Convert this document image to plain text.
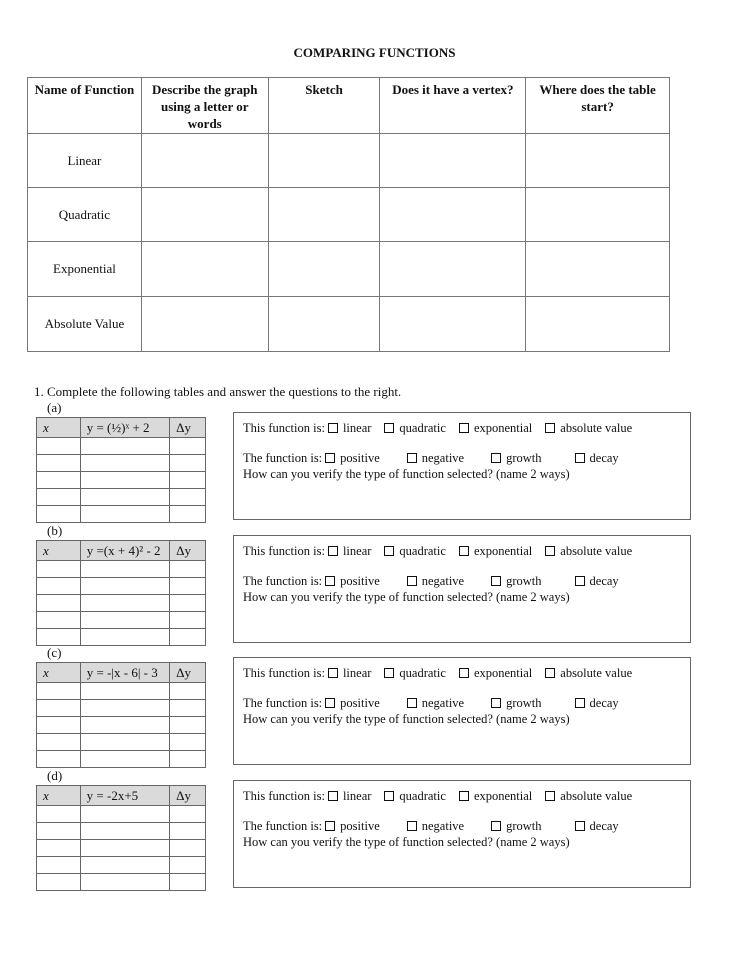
COMPARING FUNCTIONS
Name of Function	Describe the graph using a letter or words	Sketch	Does it have a vertex?	Where does the table start?
Linear				
Quadratic				
Exponential				
Absolute Value				
1. Complete the following tables and answer the questions to the right.
(a)
x	y = (½)ˣ + 2	Δy

			This function is: linear quadratic exponential absolute value
The function is: positive	negative	growth	decay
How can you verify the type of function selected? (name 2 ways)
(b)
x	y =(x + 4)² - 2	Δy

			This function is: linear quadratic exponential absolute value
The function is: positive	negative	growth	decay
How can you verify the type of function selected? (name 2 ways)
(c)
x	y = -|x - 6| - 3	Δy

			This function is: linear quadratic exponential absolute value
The function is: positive	negative	growth	decay
How can you verify the type of function selected? (name 2 ways)
(d)
x	y = -2x+5	Δy

			This function is: linear quadratic exponential absolute value
The function is: positive	negative	growth	decay
How can you verify the type of function selected? (name 2 ways)
